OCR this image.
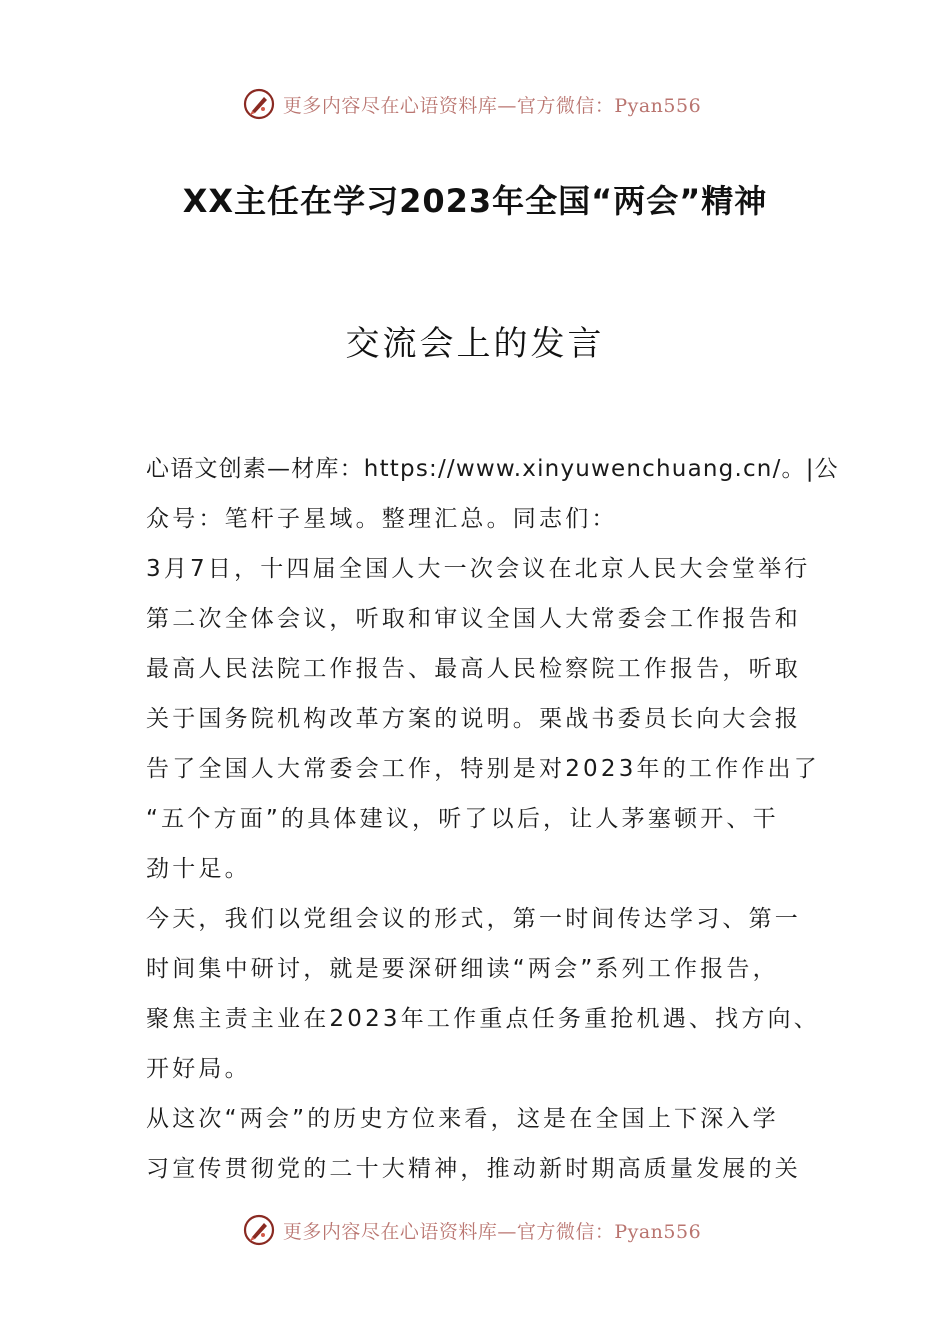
更多内容尽在心语资料库—官方微信：Pyan556
XX主任在学习2023年全国“两会”精神
交流会上的发言
心语文创素—材库：https://www.xinyuwenchuang.cn/。|公
众号：笔杆子星域。整理汇总。同志们：
3月7日，十四届全国人大一次会议在北京人民大会堂举行
第二次全体会议，听取和审议全国人大常委会工作报告和
最高人民法院工作报告、最高人民检察院工作报告，听取
关于国务院机构改革方案的说明。栗战书委员长向大会报
告了全国人大常委会工作，特别是对2023年的工作作出了
“五个方面”的具体建议，听了以后，让人茅塞顿开、干
劲十足。
今天，我们以党组会议的形式，第一时间传达学习、第一
时间集中研讨，就是要深研细读“两会”系列工作报告，
聚焦主责主业在2023年工作重点任务重抢机遇、找方向、
开好局。
从这次“两会”的历史方位来看，这是在全国上下深入学
习宣传贯彻党的二十大精神，推动新时期高质量发展的关
更多内容尽在心语资料库—官方微信：Pyan556
